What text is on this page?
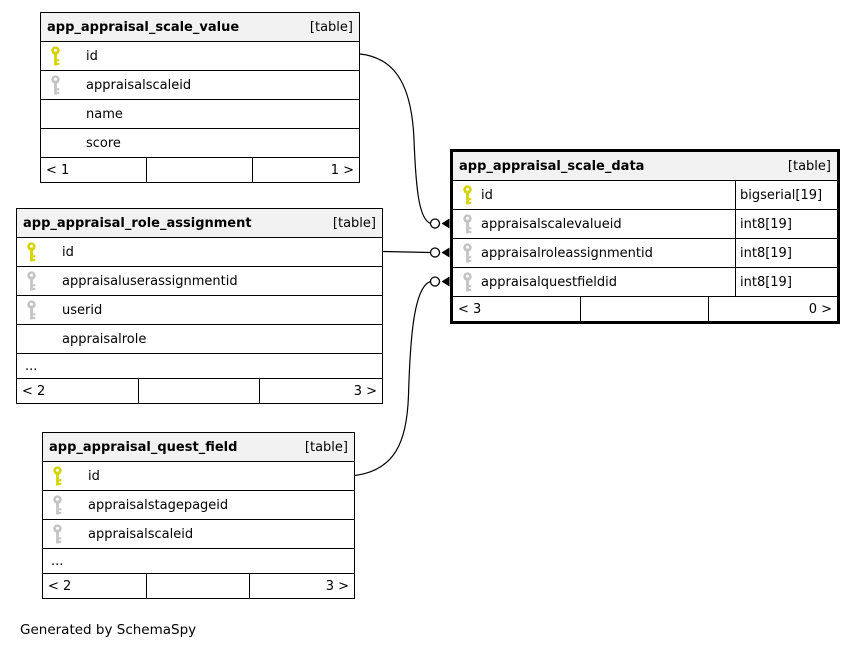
app_appraisal_scale_value	[table]
id
appraisalscaleid
name
score
< 1	1 >
app_appraisal_role_assignment	[table]
id
appraisaluserassignmentid
userid
appraisalrole
...
< 2	3 >
app_appraisal_quest_field	[table]
id
appraisalstagepageid
appraisalscaleid
...
< 2	3 >
app_appraisal_scale_data	[table]
id	bigserial[19]
appraisalscalevalueid	int8[19]
appraisalroleassignmentid	int8[19]
appraisalquestfieldid	int8[19]
< 3	0 >
Generated by SchemaSpy
